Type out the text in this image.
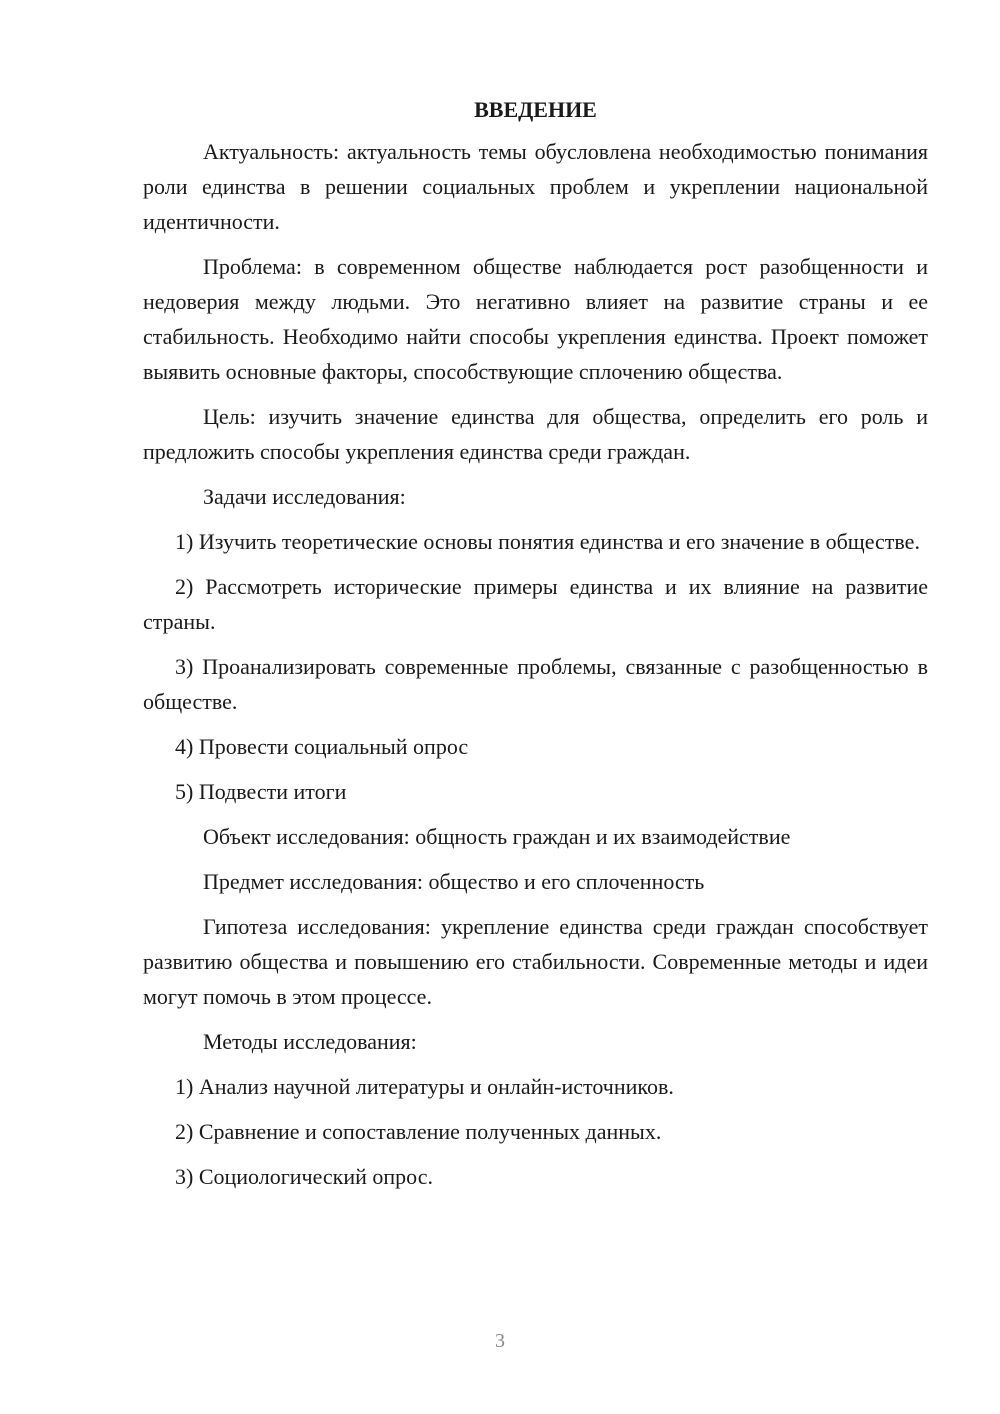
ВВЕДЕНИЕ

Актуальность: актуальность темы обусловлена необходимостью понимания роли единства в решении социальных проблем и укреплении национальной идентичности.

Проблема: в современном обществе наблюдается рост разобщенности и недоверия между людьми. Это негативно влияет на развитие страны и ее стабильность. Необходимо найти способы укрепления единства. Проект поможет выявить основные факторы, способствующие сплочению общества.

Цель: изучить значение единства для общества, определить его роль и предложить способы укрепления единства среди граждан.

Задачи исследования:

1) Изучить теоретические основы понятия единства и его значение в обществе.

2) Рассмотреть исторические примеры единства и их влияние на развитие страны.

3) Проанализировать современные проблемы, связанные с разобщенностью в обществе.

4) Провести социальный опрос

5) Подвести итоги

Объект исследования: общность граждан и их взаимодействие

Предмет исследования: общество и его сплоченность

Гипотеза исследования: укрепление единства среди граждан способствует развитию общества и повышению его стабильности. Современные методы и идеи могут помочь в этом процессе.

Методы исследования:

1) Анализ научной литературы и онлайн-источников.

2) Сравнение и сопоставление полученных данных.

3) Социологический опрос.

3
